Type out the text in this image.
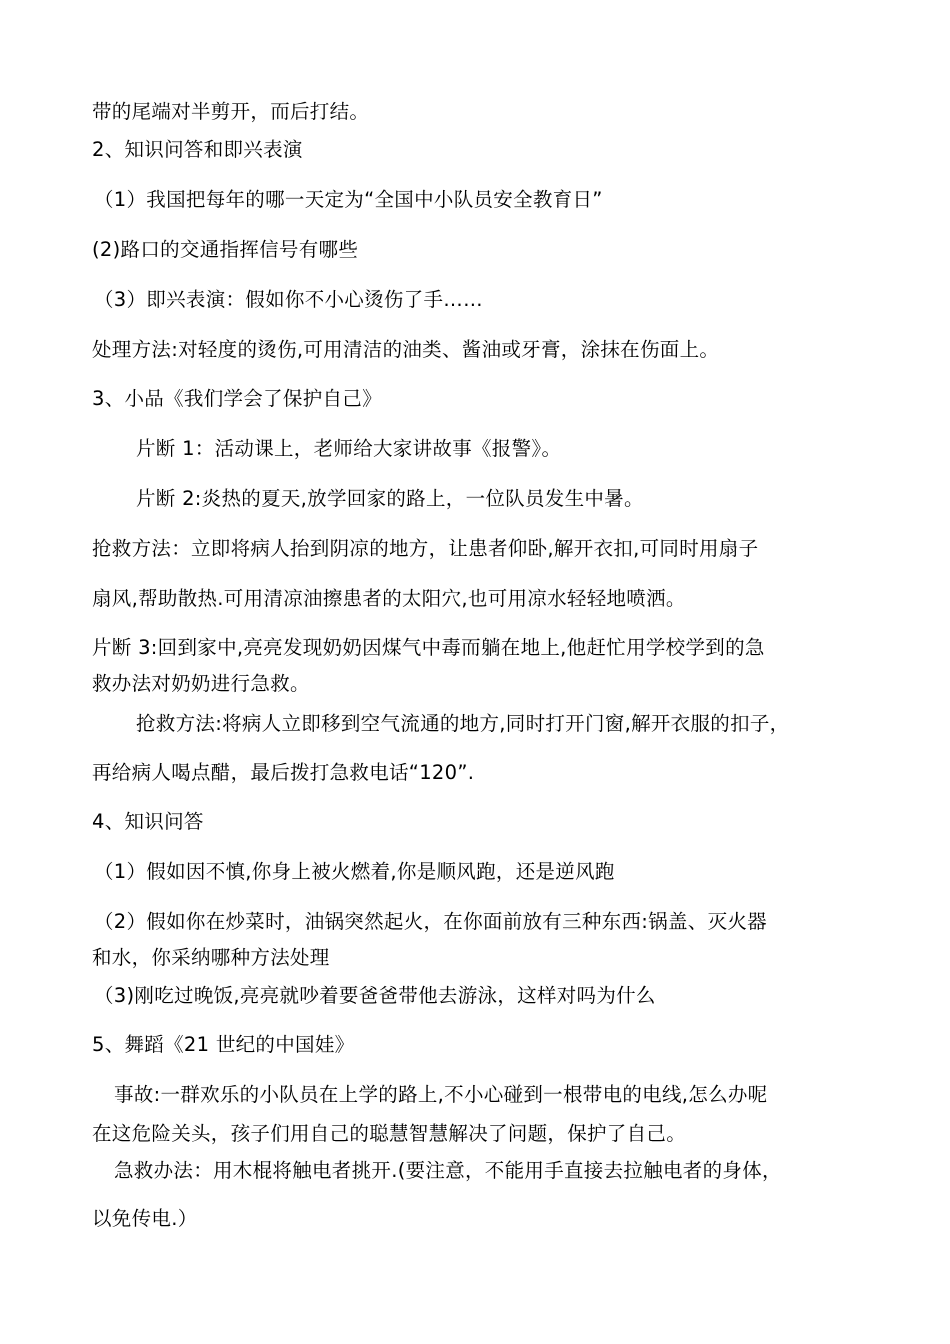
带的尾端对半剪开，而后打结。
2、知识问答和即兴表演
（1）我国把每年的哪一天定为“全国中小队员安全教育日”
(2)路口的交通指挥信号有哪些
（3）即兴表演：假如你不小心烫伤了手……
处理方法:对轻度的烫伤,可用清洁的油类、酱油或牙膏，涂抹在伤面上。
3、小品《我们学会了保护自己》
片断 1：活动课上，老师给大家讲故事《报警》。
片断 2:炎热的夏天,放学回家的路上，一位队员发生中暑。
抢救方法：立即将病人抬到阴凉的地方，让患者仰卧,解开衣扣,可同时用扇子
扇风,帮助散热.可用清凉油擦患者的太阳穴,也可用凉水轻轻地喷洒。
片断 3:回到家中,亮亮发现奶奶因煤气中毒而躺在地上,他赶忙用学校学到的急
救办法对奶奶进行急救。
抢救方法:将病人立即移到空气流通的地方,同时打开门窗,解开衣服的扣子，
再给病人喝点醋，最后拨打急救电话“120”.
4、知识问答
（1）假如因不慎,你身上被火燃着,你是顺风跑，还是逆风跑
（2）假如你在炒菜时，油锅突然起火，在你面前放有三种东西:锅盖、灭火器
和水，你采纳哪种方法处理
（3)刚吃过晚饭,亮亮就吵着要爸爸带他去游泳，这样对吗为什么
5、舞蹈《21 世纪的中国娃》
事故:一群欢乐的小队员在上学的路上,不小心碰到一根带电的电线,怎么办呢
在这危险关头，孩子们用自己的聪慧智慧解决了问题，保护了自己。
急救办法：用木棍将触电者挑开.(要注意，不能用手直接去拉触电者的身体，
以免传电.）
